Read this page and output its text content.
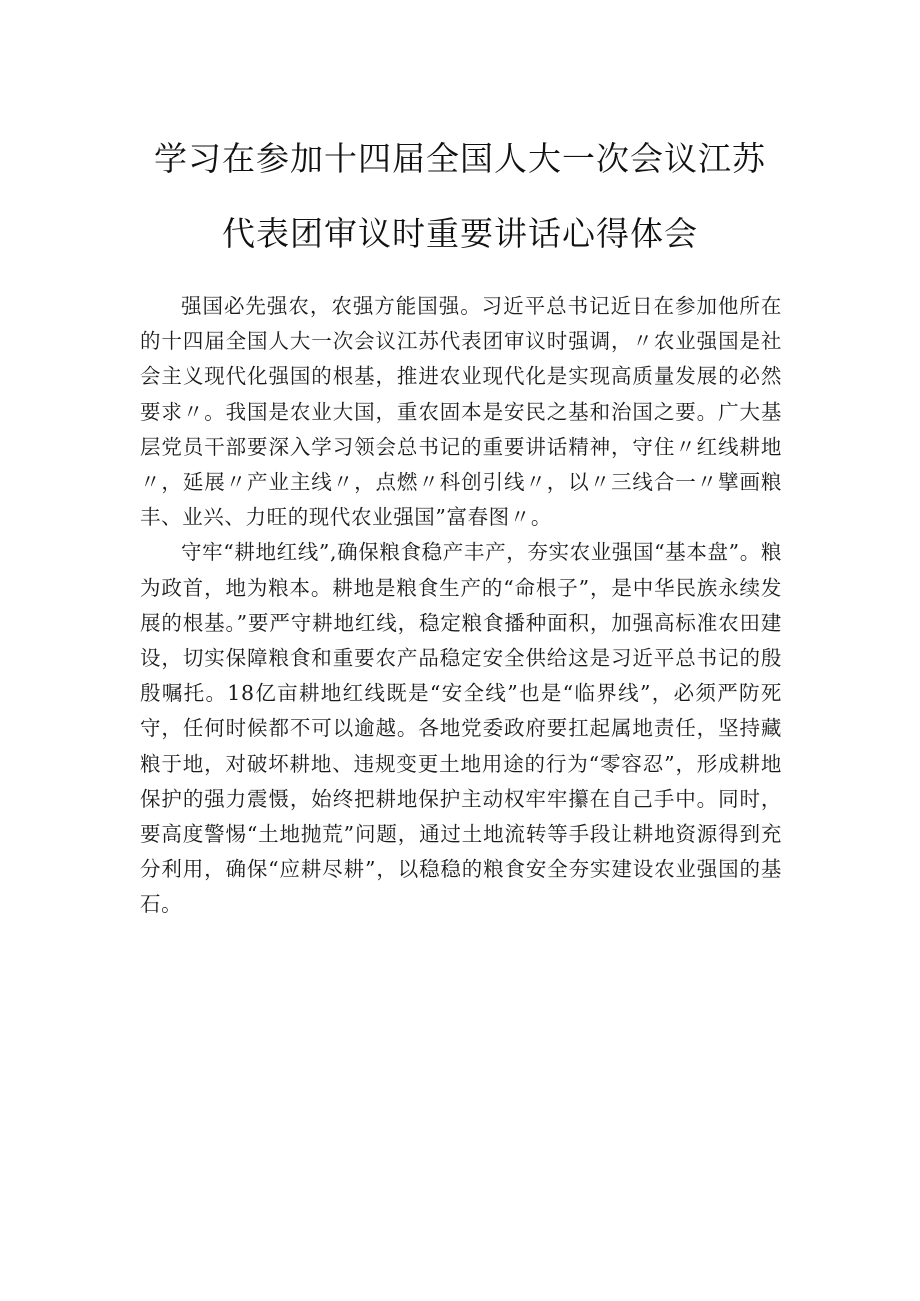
学习在参加十四届全国人大一次会议江苏
代表团审议时重要讲话心得体会

强国必先强农，农强方能国强。习近平总书记近日在参加他所在的十四届全国人大一次会议江苏代表团审议时强调，〃农业强国是社会主义现代化强国的根基，推进农业现代化是实现高质量发展的必然要求〃。我国是农业大国，重农固本是安民之基和治国之要。广大基层党员干部要深入学习领会总书记的重要讲话精神，守住〃红线耕地〃，延展〃产业主线〃，点燃〃科创引线〃，以〃三线合一〃擘画粮丰、业兴、力旺的现代农业强国”富春图〃。

守牢“耕地红线”,确保粮食稳产丰产，夯实农业强国“基本盘”。粮为政首，地为粮本。耕地是粮食生产的“命根子”，是中华民族永续发展的根基。”要严守耕地红线，稳定粮食播种面积，加强高标准农田建设，切实保障粮食和重要农产品稳定安全供给这是习近平总书记的殷殷嘱托。18亿亩耕地红线既是“安全线”也是“临界线”，必须严防死守，任何时候都不可以逾越。各地党委政府要扛起属地责任，坚持藏粮于地，对破坏耕地、违规变更土地用途的行为“零容忍”，形成耕地保护的强力震慑，始终把耕地保护主动权牢牢攥在自己手中。同时，要高度警惕“土地抛荒”问题，通过土地流转等手段让耕地资源得到充分利用，确保“应耕尽耕”，以稳稳的粮食安全夯实建设农业强国的基石。
